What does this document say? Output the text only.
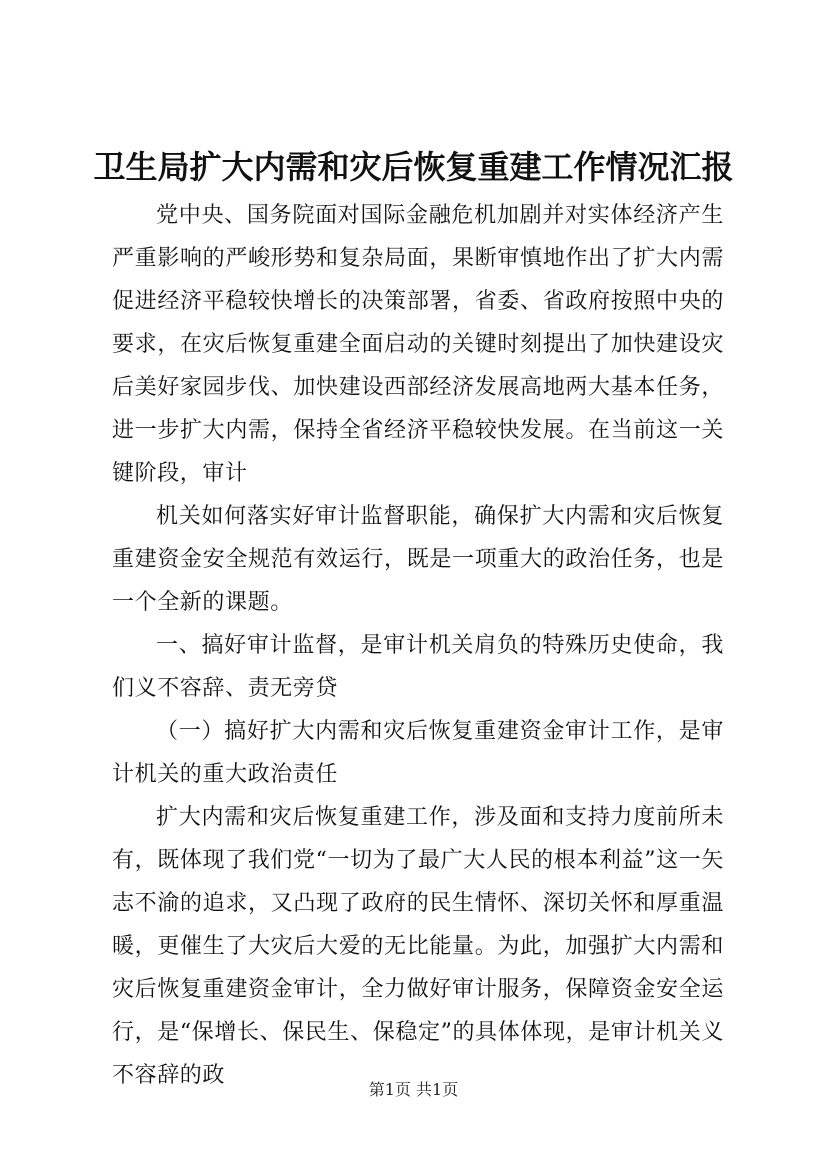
卫生局扩大内需和灾后恢复重建工作情况汇报

党中央、国务院面对国际金融危机加剧并对实体经济产生严重影响的严峻形势和复杂局面，果断审慎地作出了扩大内需促进经济平稳较快增长的决策部署，省委、省政府按照中央的要求，在灾后恢复重建全面启动的关键时刻提出了加快建设灾后美好家园步伐、加快建设西部经济发展高地两大基本任务，进一步扩大内需，保持全省经济平稳较快发展。在当前这一关键阶段，审计

机关如何落实好审计监督职能，确保扩大内需和灾后恢复重建资金安全规范有效运行，既是一项重大的政治任务，也是一个全新的课题。

一、搞好审计监督，是审计机关肩负的特殊历史使命，我们义不容辞、责无旁贷

（一）搞好扩大内需和灾后恢复重建资金审计工作，是审计机关的重大政治责任

扩大内需和灾后恢复重建工作，涉及面和支持力度前所未有，既体现了我们党“一切为了最广大人民的根本利益”这一矢志不渝的追求，又凸现了政府的民生情怀、深切关怀和厚重温暖，更催生了大灾后大爱的无比能量。为此，加强扩大内需和灾后恢复重建资金审计，全力做好审计服务，保障资金安全运行，是“保增长、保民生、保稳定”的具体体现，是审计机关义不容辞的政

第1页 共1页
